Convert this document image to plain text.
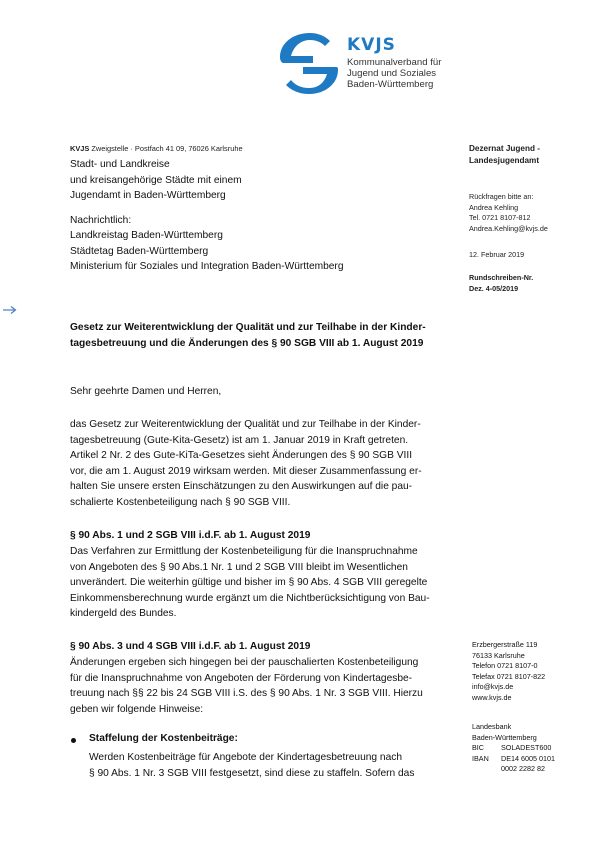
KVJS
Kommunalverband für
Jugend und Soziales
Baden-Württemberg
KVJS Zweigstelle · Postfach 41 09, 76026 Karlsruhe
Stadt- und Landkreise
und kreisangehörige Städte mit einem
Jugendamt in Baden-Württemberg
Nachrichtlich:
Landkreistag Baden-Württemberg
Städtetag Baden-Württemberg
Ministerium für Soziales und Integration Baden-Württemberg
Dezernat Jugend -
Landesjugendamt
Rückfragen bitte an:
Andrea Kehling
Tel. 0721 8107-812
Andrea.Kehling@kvjs.de
12. Februar 2019
Rundschreiben-Nr.
Dez. 4-05/2019
Gesetz zur Weiterentwicklung der Qualität und zur Teilhabe in der Kinder-
tagesbetreuung und die Änderungen des § 90 SGB VIII ab 1. August 2019
Sehr geehrte Damen und Herren,
das Gesetz zur Weiterentwicklung der Qualität und zur Teilhabe in der Kinder-
tagesbetreuung (Gute-Kita-Gesetz) ist am 1. Januar 2019 in Kraft getreten.
Artikel 2 Nr. 2 des Gute-KiTa-Gesetzes sieht Änderungen des § 90 SGB VIII
vor, die am 1. August 2019 wirksam werden. Mit dieser Zusammenfassung er-
halten Sie unsere ersten Einschätzungen zu den Auswirkungen auf die pau-
schalierte Kostenbeteiligung nach § 90 SGB VIII.
§ 90 Abs. 1 und 2 SGB VIII i.d.F. ab 1. August 2019
Das Verfahren zur Ermittlung der Kostenbeteiligung für die Inanspruchnahme
von Angeboten des § 90 Abs.1 Nr. 1 und 2 SGB VIII bleibt im Wesentlichen
unverändert. Die weiterhin gültige und bisher im § 90 Abs. 4 SGB VIII geregelte
Einkommensberechnung wurde ergänzt um die Nichtberücksichtigung von Bau-
kindergeld des Bundes.
§ 90 Abs. 3 und 4 SGB VIII i.d.F. ab 1. August 2019
Änderungen ergeben sich hingegen bei der pauschalierten Kostenbeteiligung
für die Inanspruchnahme von Angeboten der Förderung von Kindertagesbe-
treuung nach §§ 22 bis 24 SGB VIII i.S. des § 90 Abs. 1 Nr. 3 SGB VIII. Hierzu
geben wir folgende Hinweise:
Staffelung der Kostenbeiträge:
Werden Kostenbeiträge für Angebote der Kindertagesbetreuung nach
§ 90 Abs. 1 Nr. 3 SGB VIII festgesetzt, sind diese zu staffeln. Sofern das
Erzbergerstraße 119
76133 Karlsruhe
Telefon 0721 8107-0
Telefax 0721 8107-822
info@kvjs.de
www.kvjs.de
Landesbank
Baden-Württemberg
BIC	SOLADEST600
IBAN	DE14 6005 0101
0002 2282 82
